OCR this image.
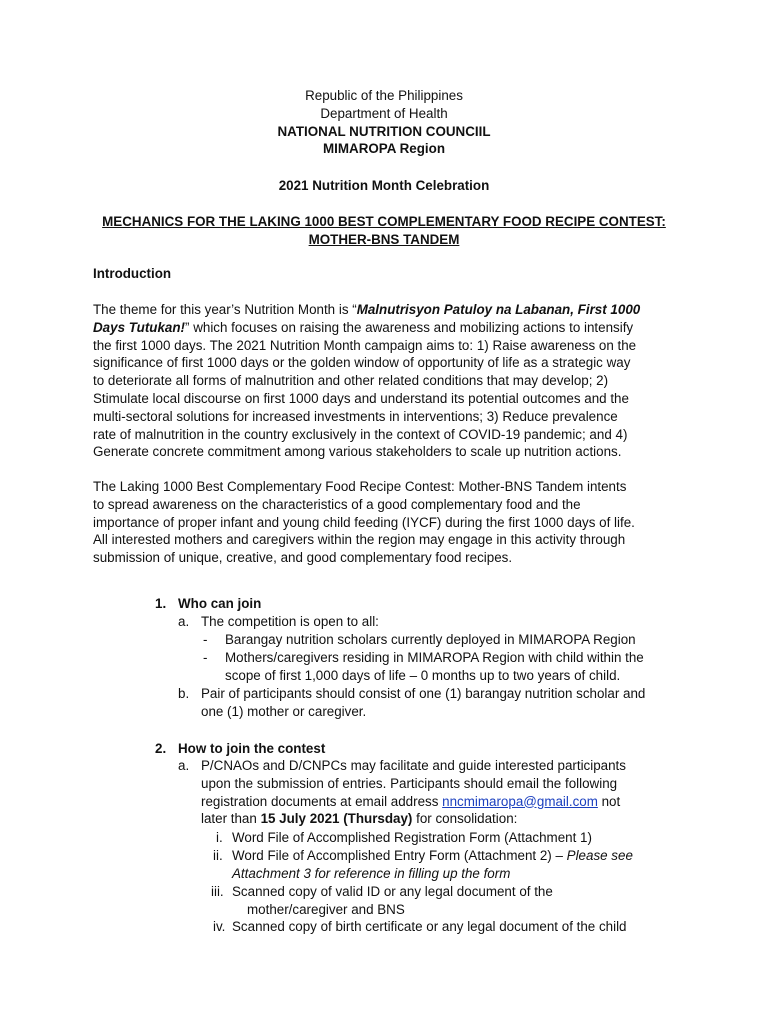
Republic of the Philippines
Department of Health
NATIONAL NUTRITION COUNCIIL
MIMAROPA Region
2021 Nutrition Month Celebration
MECHANICS FOR THE LAKING 1000 BEST COMPLEMENTARY FOOD RECIPE CONTEST:
MOTHER-BNS TANDEM
Introduction
The theme for this year’s Nutrition Month is “Malnutrisyon Patuloy na Labanan, First 1000
Days Tutukan!” which focuses on raising the awareness and mobilizing actions to intensify
the first 1000 days. The 2021 Nutrition Month campaign aims to: 1) Raise awareness on the
significance of first 1000 days or the golden window of opportunity of life as a strategic way
to deteriorate all forms of malnutrition and other related conditions that may develop; 2)
Stimulate local discourse on first 1000 days and understand its potential outcomes and the
multi-sectoral solutions for increased investments in interventions; 3) Reduce prevalence
rate of malnutrition in the country exclusively in the context of COVID-19 pandemic; and 4)
Generate concrete commitment among various stakeholders to scale up nutrition actions.
The Laking 1000 Best Complementary Food Recipe Contest: Mother-BNS Tandem intents
to spread awareness on the characteristics of a good complementary food and the
importance of proper infant and young child feeding (IYCF) during the first 1000 days of life.
All interested mothers and caregivers within the region may engage in this activity through
submission of unique, creative, and good complementary food recipes.
1. Who can join
a. The competition is open to all:
- Barangay nutrition scholars currently deployed in MIMAROPA Region
- Mothers/caregivers residing in MIMAROPA Region with child within the
scope of first 1,000 days of life – 0 months up to two years of child.
b. Pair of participants should consist of one (1) barangay nutrition scholar and
one (1) mother or caregiver.
2. How to join the contest
a. P/CNAOs and D/CNPCs may facilitate and guide interested participants
upon the submission of entries. Participants should email the following
registration documents at email address nncmimaropa@gmail.com not
later than 15 July 2021 (Thursday) for consolidation:
i. Word File of Accomplished Registration Form (Attachment 1)
ii. Word File of Accomplished Entry Form (Attachment 2) – Please see
Attachment 3 for reference in filling up the form
iii. Scanned copy of valid ID or any legal document of the
mother/caregiver and BNS
iv. Scanned copy of birth certificate or any legal document of the child
